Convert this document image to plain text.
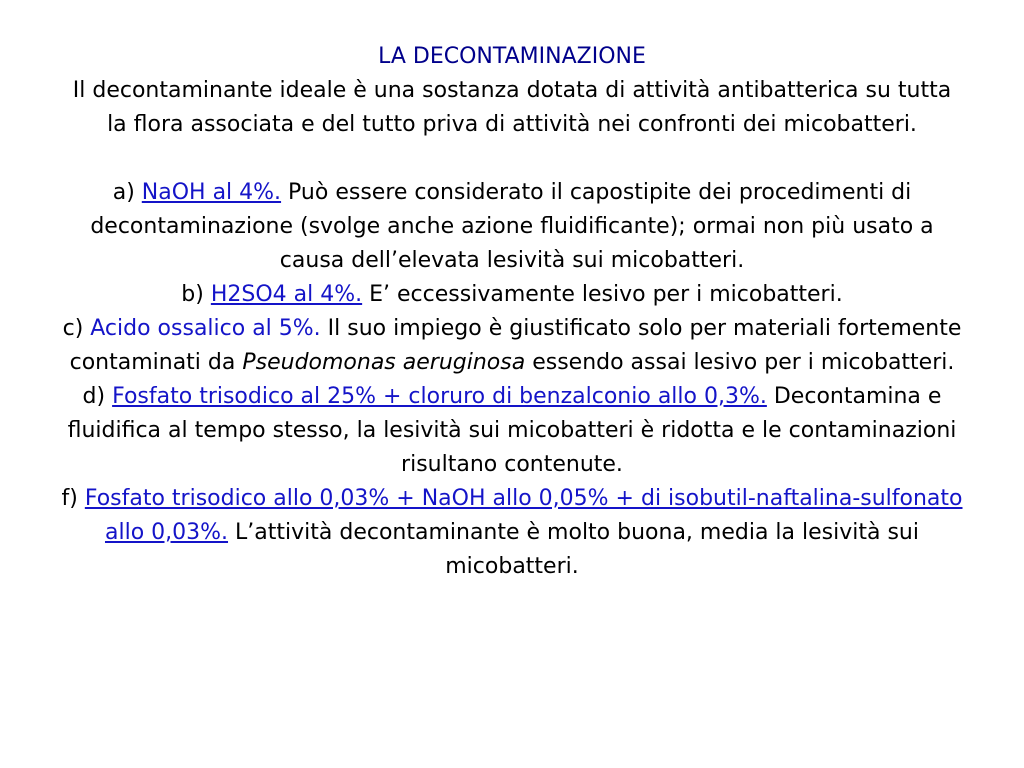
LA DECONTAMINAZIONE
Il decontaminante ideale è una sostanza dotata di attività antibatterica su tutta la flora associata e del tutto priva di attività nei confronti dei micobatteri.
a) NaOH al 4%. Può essere considerato il capostipite dei procedimenti di decontaminazione (svolge anche azione fluidificante); ormai non più usato a causa dell’elevata lesività sui micobatteri.
b) H2SO4 al 4%. E’ eccessivamente lesivo per i micobatteri.
c) Acido ossalico al 5%. Il suo impiego è giustificato solo per materiali fortemente contaminati da Pseudomonas aeruginosa essendo assai lesivo per i micobatteri.
d) Fosfato trisodico al 25% + cloruro di benzalconio allo 0,3%. Decontamina e fluidifica al tempo stesso, la lesività sui micobatteri è ridotta e le contaminazioni risultano contenute.
f) Fosfato trisodico allo 0,03% + NaOH allo 0,05% + di isobutil-naftalina-sulfonato allo 0,03%. L’attività decontaminante è molto buona, media la lesività sui micobatteri.
